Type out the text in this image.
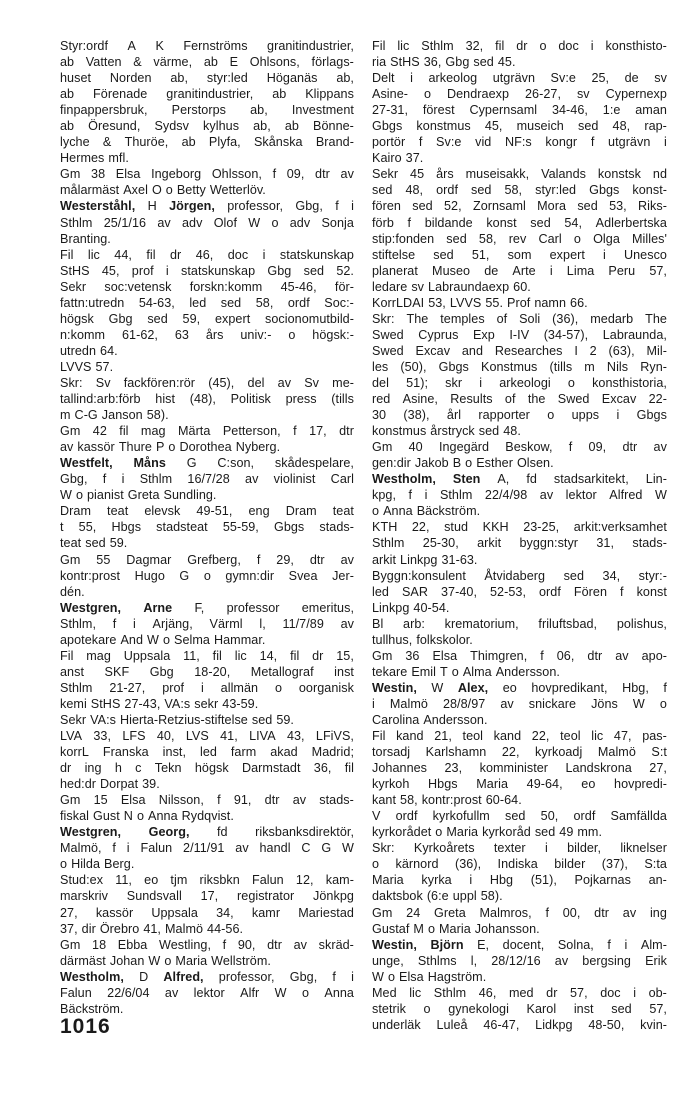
Styr:ordf A K Fernströms granitindustrier,
ab Vatten & värme, ab E Ohlsons, förlags-
huset Norden ab, styr:led Höganäs ab,
ab Förenade granitindustrier, ab Klippans
finpappersbruk, Perstorps ab, Investment
ab Öresund, Sydsv kylhus ab, ab Bönne-
lyche & Thuröe, ab Plyfa, Skånska Brand-
Hermes mfl.
Gm 38 Elsa Ingeborg Ohlsson, f 09, dtr av
målarmäst Axel O o Betty Wetterlöv.
Westerståhl, H Jörgen, professor, Gbg, f i
Sthlm 25/1/16 av adv Olof W o adv Sonja
Branting.
Fil lic 44, fil dr 46, doc i statskunskap
StHS 45, prof i statskunskap Gbg sed 52.
Sekr soc:vetensk forskn:komm 45-46, för-
fattn:utredn 54-63, led sed 58, ordf Soc:-
högsk Gbg sed 59, expert socionomutbild-
n:komm 61-62, 63 års univ:- o högsk:-
utredn 64.
LVVS 57.
Skr: Sv fackfören:rör (45), del av Sv me-
tallind:arb:förb hist (48), Politisk press (tills
m C-G Janson 58).
Gm 42 fil mag Märta Petterson, f 17, dtr
av kassör Thure P o Dorothea Nyberg.
Westfelt, Måns G C:son, skådespelare,
Gbg, f i Sthlm 16/7/28 av violinist Carl
W o pianist Greta Sundling.
Dram teat elevsk 49-51, eng Dram teat
t 55, Hbgs stadsteat 55-59, Gbgs stads-
teat sed 59.
Gm 55 Dagmar Grefberg, f 29, dtr av
kontr:prost Hugo G o gymn:dir Svea Jer-
dén.
Westgren, Arne F, professor emeritus,
Sthlm, f i Arjäng, Värml l, 11/7/89 av
apotekare And W o Selma Hammar.
Fil mag Uppsala 11, fil lic 14, fil dr 15,
anst SKF Gbg 18-20, Metallograf inst
Sthlm 21-27, prof i allmän o oorganisk
kemi StHS 27-43, VA:s sekr 43-59.
Sekr VA:s Hierta-Retzius-stiftelse sed 59.
LVA 33, LFS 40, LVS 41, LIVA 43, LFiVS,
korrL Franska inst, led farm akad Madrid;
dr ing h c Tekn högsk Darmstadt 36, fil
hed:dr Dorpat 39.
Gm 15 Elsa Nilsson, f 91, dtr av stads-
fiskal Gust N o Anna Rydqvist.
Westgren, Georg, fd riksbanksdirektör,
Malmö, f i Falun 2/11/91 av handl C G W
o Hilda Berg.
Stud:ex 11, eo tjm riksbkn Falun 12, kam-
marskriv Sundsvall 17, registrator Jönkpg
27, kassör Uppsala 34, kamr Mariestad
37, dir Örebro 41, Malmö 44-56.
Gm 18 Ebba Westling, f 90, dtr av skräd-
därmäst Johan W o Maria Wellström.
Westholm, D Alfred, professor, Gbg, f i
Falun 22/6/04 av lektor Alfr W o Anna
Bäckström.
Fil lic Sthlm 32, fil dr o doc i konsthisto-
ria StHS 36, Gbg sed 45.
Delt i arkeolog utgrävn Sv:e 25, de sv
Asine- o Dendraexp 26-27, sv Cypernexp
27-31, förest Cypernsaml 34-46, 1:e aman
Gbgs konstmus 45, museich sed 48, rap-
portör f Sv:e vid NF:s kongr f utgrävn i
Kairo 37.
Sekr 45 års museisakk, Valands konstsk nd
sed 48, ordf sed 58, styr:led Gbgs konst-
fören sed 52, Zornsaml Mora sed 53, Riks-
förb f bildande konst sed 54, Adlerbertska
stip:fonden sed 58, rev Carl o Olga Milles'
stiftelse sed 51, som expert i Unesco
planerat Museo de Arte i Lima Peru 57,
ledare sv Labraundaexp 60.
KorrLDAI 53, LVVS 55. Prof namn 66.
Skr: The temples of Soli (36), medarb The
Swed Cyprus Exp I-IV (34-57), Labraunda,
Swed Excav and Researches I 2 (63), Mil-
les (50), Gbgs Konstmus (tills m Nils Ryn-
del 51); skr i arkeologi o konsthistoria,
red Asine, Results of the Swed Excav 22-
30 (38), årl rapporter o upps i Gbgs
konstmus årstryck sed 48.
Gm 40 Ingegärd Beskow, f 09, dtr av
gen:dir Jakob B o Esther Olsen.
Westholm, Sten A, fd stadsarkitekt, Lin-
kpg, f i Sthlm 22/4/98 av lektor Alfred W
o Anna Bäckström.
KTH 22, stud KKH 23-25, arkit:verksamhet
Sthlm 25-30, arkit byggn:styr 31, stads-
arkit Linkpg 31-63.
Byggn:konsulent Åtvidaberg sed 34, styr:-
led SAR 37-40, 52-53, ordf Fören f konst
Linkpg 40-54.
Bl arb: krematorium, friluftsbad, polishus,
tullhus, folkskolor.
Gm 36 Elsa Thimgren, f 06, dtr av apo-
tekare Emil T o Alma Andersson.
Westin, W Alex, eo hovpredikant, Hbg, f
i Malmö 28/8/97 av snickare Jöns W o
Carolina Andersson.
Fil kand 21, teol kand 22, teol lic 47, pas-
torsadj Karlshamn 22, kyrkoadj Malmö S:t
Johannes 23, komminister Landskrona 27,
kyrkoh Hbgs Maria 49-64, eo hovpredi-
kant 58, kontr:prost 60-64.
V ordf kyrkofullm sed 50, ordf Samfällda
kyrkorådet o Maria kyrkoråd sed 49 mm.
Skr: Kyrkoårets texter i bilder, liknelser
o kärnord (36), Indiska bilder (37), S:ta
Maria kyrka i Hbg (51), Pojkarnas an-
daktsbok (6:e uppl 58).
Gm 24 Greta Malmros, f 00, dtr av ing
Gustaf M o Maria Johansson.
Westin, Björn E, docent, Solna, f i Alm-
unge, Sthlms l, 28/12/16 av bergsing Erik
W o Elsa Hagström.
Med lic Sthlm 46, med dr 57, doc i ob-
stetrik o gynekologi Karol inst sed 57,
underläk Luleå 46-47, Lidkpg 48-50, kvin-
1016
